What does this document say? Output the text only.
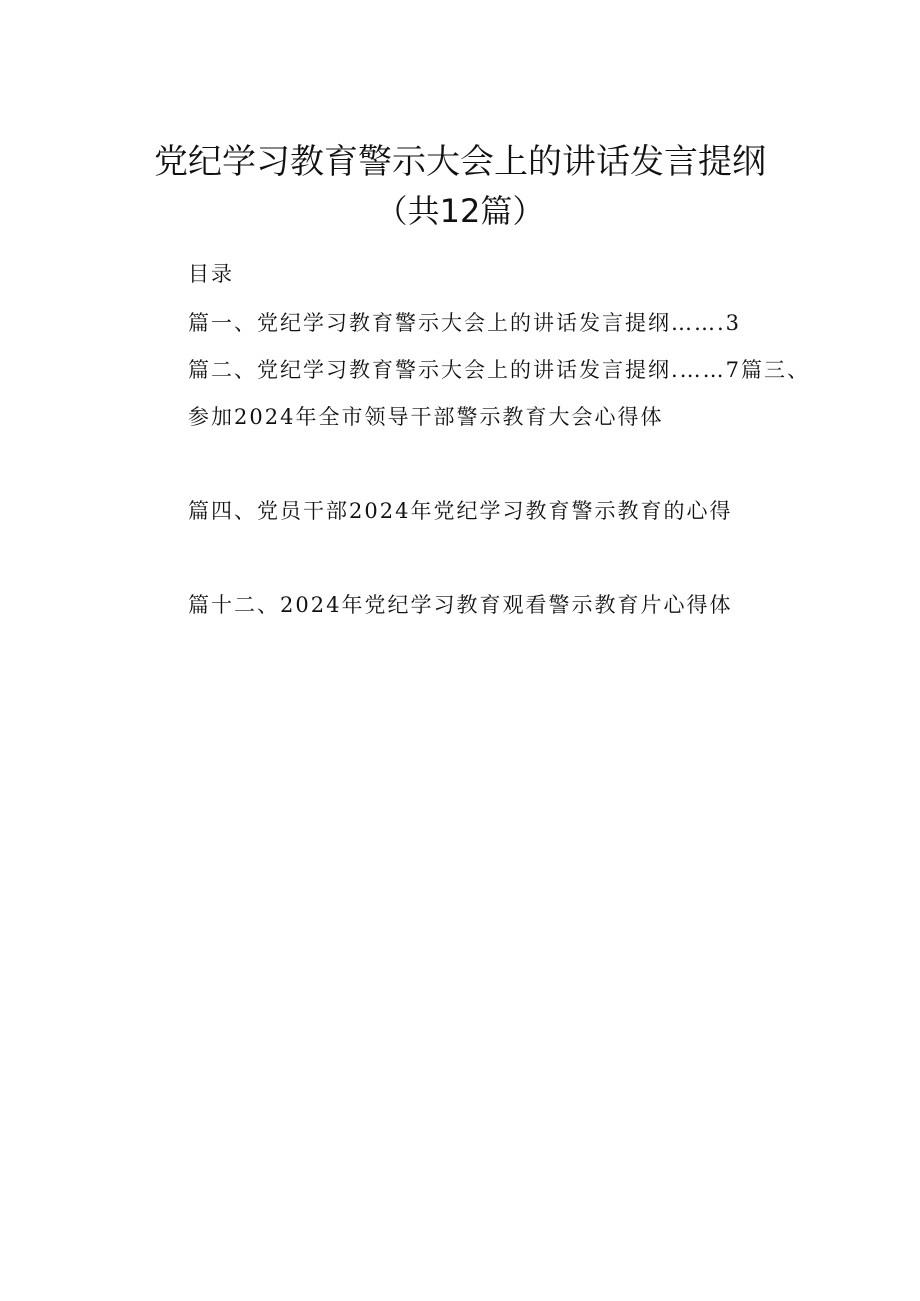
党纪学习教育警示大会上的讲话发言提纲
（共12篇）
目录
篇一、党纪学习教育警示大会上的讲话发言提纲…….3
篇二、党纪学习教育警示大会上的讲话发言提纲.……7篇三、
参加2024年全市领导干部警示教育大会心得体
篇四、党员干部2024年党纪学习教育警示教育的心得
篇十二、2024年党纪学习教育观看警示教育片心得体
